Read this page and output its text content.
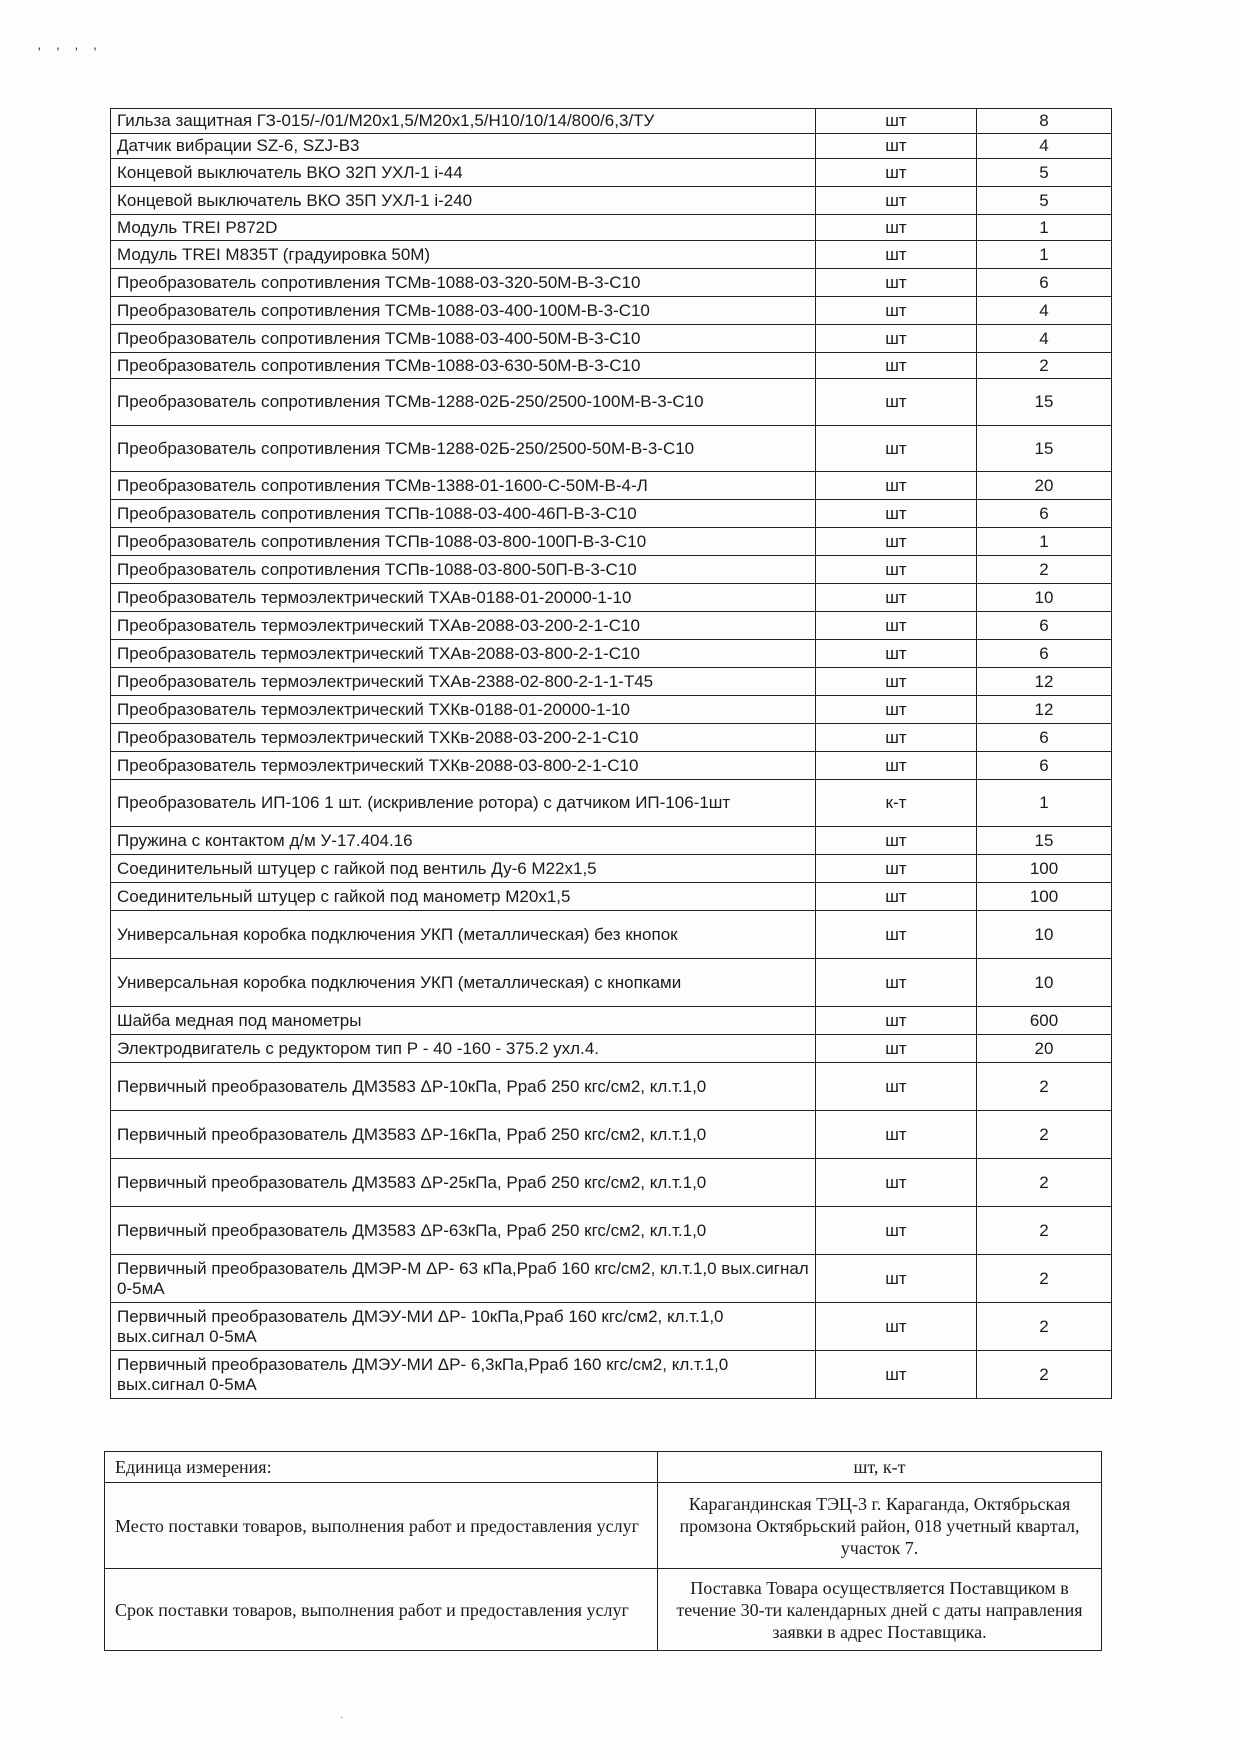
' ' ' '
Гильза защитная ГЗ-015/-/01/М20х1,5/М20х1,5/Н10/10/14/800/6,3/ТУ	шт	8
Датчик вибрации SZ-6, SZJ-B3	шт	4
Концевой выключатель ВКО 32П УХЛ-1 i-44	шт	5
Концевой выключатель ВКО 35П УХЛ-1 i-240	шт	5
Модуль TREI P872D	шт	1
Модуль TREI M835T (градуировка 50М)	шт	1
Преобразователь сопротивления ТСМв-1088-03-320-50М-В-3-С10	шт	6
Преобразователь сопротивления ТСМв-1088-03-400-100М-В-3-С10	шт	4
Преобразователь сопротивления ТСМв-1088-03-400-50М-В-3-С10	шт	4
Преобразователь сопротивления ТСМв-1088-03-630-50М-В-3-С10	шт	2
Преобразователь сопротивления ТСМв-1288-02Б-250/2500-100М-В-3-С10	шт	15
Преобразователь сопротивления ТСМв-1288-02Б-250/2500-50М-В-3-С10	шт	15
Преобразователь сопротивления ТСМв-1388-01-1600-С-50М-В-4-Л	шт	20
Преобразователь сопротивления ТСПв-1088-03-400-46П-В-3-С10	шт	6
Преобразователь сопротивления ТСПв-1088-03-800-100П-В-3-С10	шт	1
Преобразователь сопротивления ТСПв-1088-03-800-50П-В-3-С10	шт	2
Преобразователь термоэлектрический ТХАв-0188-01-20000-1-10	шт	10
Преобразователь термоэлектрический ТХАв-2088-03-200-2-1-С10	шт	6
Преобразователь термоэлектрический ТХАв-2088-03-800-2-1-С10	шт	6
Преобразователь термоэлектрический ТХАв-2388-02-800-2-1-1-Т45	шт	12
Преобразователь термоэлектрический ТХКв-0188-01-20000-1-10	шт	12
Преобразователь термоэлектрический ТХКв-2088-03-200-2-1-С10	шт	6
Преобразователь термоэлектрический ТХКв-2088-03-800-2-1-С10	шт	6
Преобразователь ИП-106 1 шт. (искривление ротора) с датчиком ИП-106-1шт	к-т	1
Пружина с контактом д/м У-17.404.16	шт	15
Соединительный штуцер с гайкой под вентиль Ду-6 М22х1,5	шт	100
Соединительный штуцер с гайкой под манометр М20х1,5	шт	100
Универсальная коробка подключения УКП (металлическая) без кнопок	шт	10
Универсальная коробка подключения УКП (металлическая) с кнопками	шт	10
Шайба медная под манометры	шт	600
Электродвигатель с редуктором тип Р - 40 -160 - 375.2 ухл.4.	шт	20
Первичный преобразователь ДМ3583 ΔР-10кПа, Рраб 250 кгс/см2, кл.т.1,0	шт	2
Первичный преобразователь ДМ3583 ΔР-16кПа, Рраб 250 кгс/см2, кл.т.1,0	шт	2
Первичный преобразователь ДМ3583 ΔР-25кПа, Рраб 250 кгс/см2, кл.т.1,0	шт	2
Первичный преобразователь ДМ3583 ΔР-63кПа, Рраб 250 кгс/см2, кл.т.1,0	шт	2
Первичный преобразователь ДМЭР-М ΔР- 63 кПа,Рраб 160 кгс/см2, кл.т.1,0 вых.сигнал 0-5мА	шт	2
Первичный преобразователь ДМЭУ-МИ ΔР- 10кПа,Рраб 160 кгс/см2, кл.т.1,0 вых.сигнал 0-5мА	шт	2
Первичный преобразователь ДМЭУ-МИ ΔР- 6,3кПа,Рраб 160 кгс/см2, кл.т.1,0 вых.сигнал 0-5мА	шт	2
Единица измерения:	шт, к-т
Место поставки товаров, выполнения работ и предоставления услуг	Карагандинская ТЭЦ-3 г. Караганда, Октябрьская промзона Октябрьский район, 018 учетный квартал, участок 7.
Срок поставки товаров, выполнения работ и предоставления услуг	Поставка Товара осуществляется Поставщиком в течение 30-ти календарных дней с даты направления заявки в адрес Поставщика.
·
